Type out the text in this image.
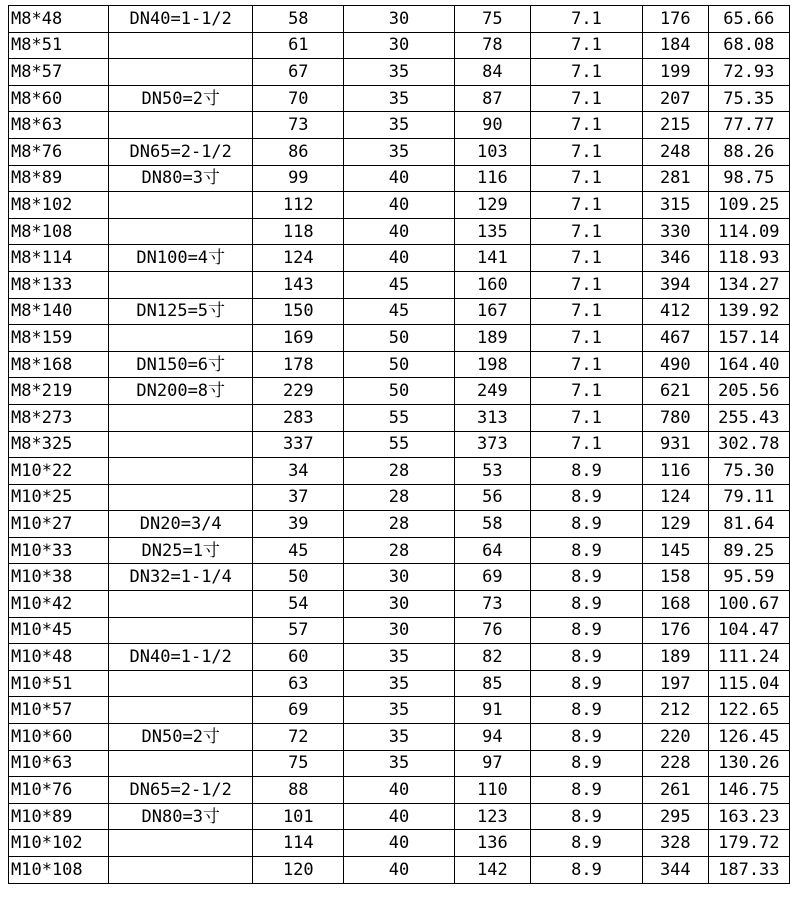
M8*48	DN40=1-1/2	58	30	75	7.1	176	65.66
M8*51		61	30	78	7.1	184	68.08
M8*57		67	35	84	7.1	199	72.93
M8*60	DN50=2寸	70	35	87	7.1	207	75.35
M8*63		73	35	90	7.1	215	77.77
M8*76	DN65=2-1/2	86	35	103	7.1	248	88.26
M8*89	DN80=3寸	99	40	116	7.1	281	98.75
M8*102		112	40	129	7.1	315	109.25
M8*108		118	40	135	7.1	330	114.09
M8*114	DN100=4寸	124	40	141	7.1	346	118.93
M8*133		143	45	160	7.1	394	134.27
M8*140	DN125=5寸	150	45	167	7.1	412	139.92
M8*159		169	50	189	7.1	467	157.14
M8*168	DN150=6寸	178	50	198	7.1	490	164.40
M8*219	DN200=8寸	229	50	249	7.1	621	205.56
M8*273		283	55	313	7.1	780	255.43
M8*325		337	55	373	7.1	931	302.78
M10*22		34	28	53	8.9	116	75.30
M10*25		37	28	56	8.9	124	79.11
M10*27	DN20=3/4	39	28	58	8.9	129	81.64
M10*33	DN25=1寸	45	28	64	8.9	145	89.25
M10*38	DN32=1-1/4	50	30	69	8.9	158	95.59
M10*42		54	30	73	8.9	168	100.67
M10*45		57	30	76	8.9	176	104.47
M10*48	DN40=1-1/2	60	35	82	8.9	189	111.24
M10*51		63	35	85	8.9	197	115.04
M10*57		69	35	91	8.9	212	122.65
M10*60	DN50=2寸	72	35	94	8.9	220	126.45
M10*63		75	35	97	8.9	228	130.26
M10*76	DN65=2-1/2	88	40	110	8.9	261	146.75
M10*89	DN80=3寸	101	40	123	8.9	295	163.23
M10*102		114	40	136	8.9	328	179.72
M10*108		120	40	142	8.9	344	187.33
